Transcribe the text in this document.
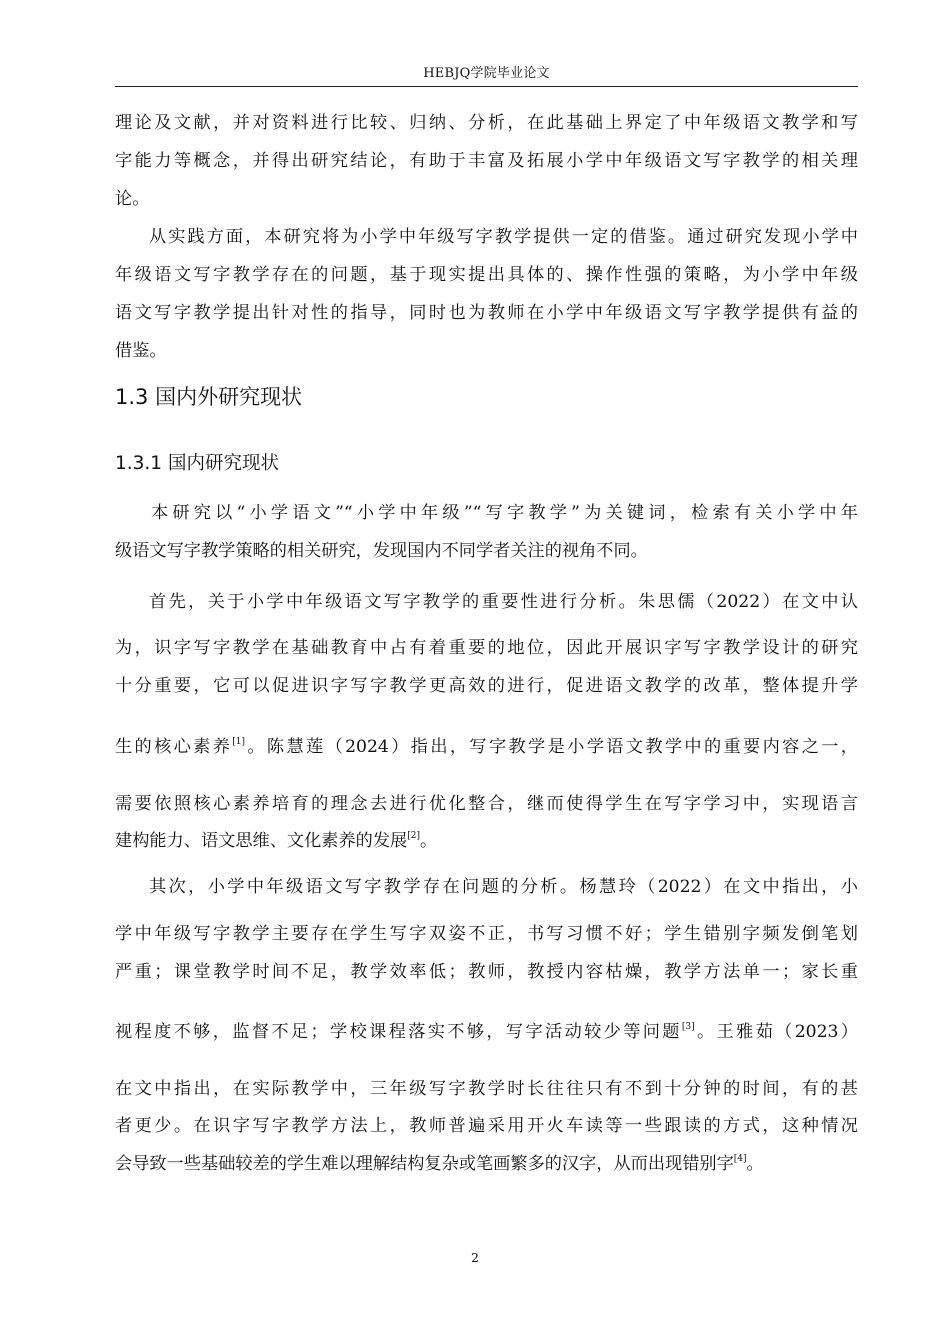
HEBJQ学院毕业论文
理论及文献，并对资料进行比较、归纳、分析，在此基础上界定了中年级语文教学和写
字能力等概念，并得出研究结论，有助于丰富及拓展小学中年级语文写字教学的相关理
论。
从实践方面，本研究将为小学中年级写字教学提供一定的借鉴。通过研究发现小学中
年级语文写字教学存在的问题，基于现实提出具体的、操作性强的策略，为小学中年级
语文写字教学提出针对性的指导，同时也为教师在小学中年级语文写字教学提供有益的
借鉴。
1.3 国内外研究现状
1.3.1 国内研究现状
本研究以“小学语文”“小学中年级”“写字教学”为关键词，检索有关小学中年
级语文写字教学策略的相关研究，发现国内不同学者关注的视角不同。
首先，关于小学中年级语文写字教学的重要性进行分析。朱思儒（2022）在文中认
为，识字写字教学在基础教育中占有着重要的地位，因此开展识字写字教学设计的研究
十分重要，它可以促进识字写字教学更高效的进行，促进语文教学的改革，整体提升学
生的核心素养[1]。陈慧莲（2024）指出，写字教学是小学语文教学中的重要内容之一，
需要依照核心素养培育的理念去进行优化整合，继而使得学生在写字学习中，实现语言
建构能力、语文思维、文化素养的发展[2]。
其次，小学中年级语文写字教学存在问题的分析。杨慧玲（2022）在文中指出，小
学中年级写字教学主要存在学生写字双姿不正，书写习惯不好；学生错别字频发倒笔划
严重；课堂教学时间不足，教学效率低；教师，教授内容枯燥，教学方法单一；家长重
视程度不够，监督不足；学校课程落实不够，写字活动较少等问题[3]。王雅茹（2023）
在文中指出，在实际教学中，三年级写字教学时长往往只有不到十分钟的时间，有的甚
者更少。在识字写字教学方法上，教师普遍采用开火车读等一些跟读的方式，这种情况
会导致一些基础较差的学生难以理解结构复杂或笔画繁多的汉字，从而出现错别字[4]。
2
